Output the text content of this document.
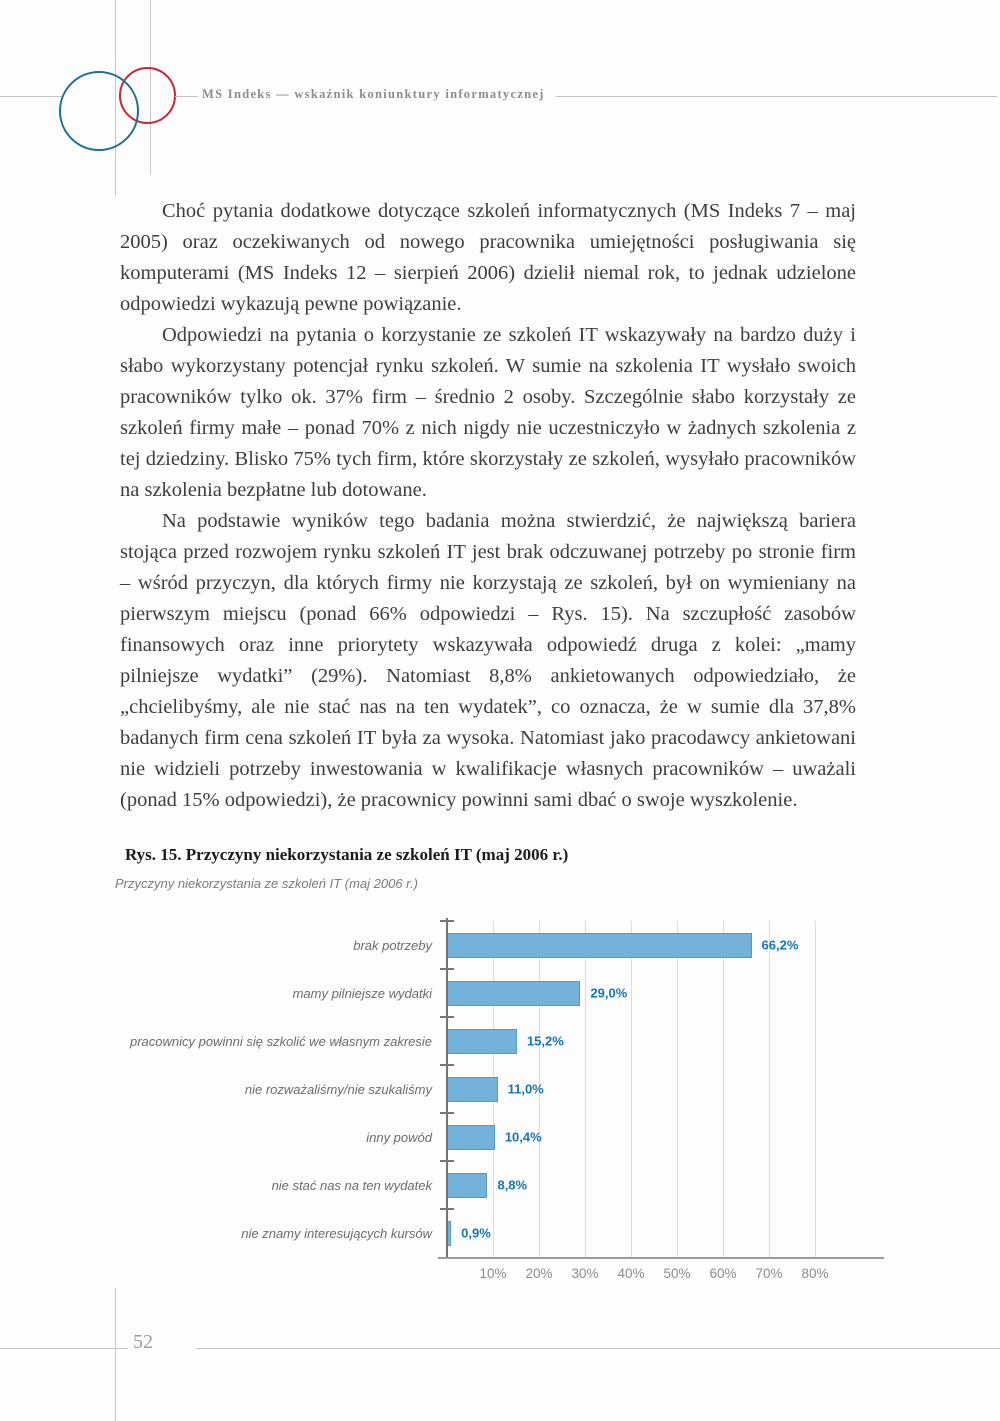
MS Indeks — wskaźnik koniunktury informatycznej

Choć pytania dodatkowe dotyczące szkoleń informatycznych (MS Indeks 7 – maj 2005) oraz oczekiwanych od nowego pracownika umiejętności posługiwania się komputerami (MS Indeks 12 – sierpień 2006) dzielił niemal rok, to jednak udzielone odpowiedzi wykazują pewne powiązanie.

Odpowiedzi na pytania o korzystanie ze szkoleń IT wskazywały na bardzo duży i słabo wykorzystany potencjał rynku szkoleń. W sumie na szkolenia IT wysłało swoich pracowników tylko ok. 37% firm – średnio 2 osoby. Szczególnie słabo korzystały ze szkoleń firmy małe – ponad 70% z nich nigdy nie uczestniczyło w żadnych szkolenia z tej dziedziny. Blisko 75% tych firm, które skorzystały ze szkoleń, wysyłało pracowników na szkolenia bezpłatne lub dotowane.

Na podstawie wyników tego badania można stwierdzić, że największą bariera stojąca przed rozwojem rynku szkoleń IT jest brak odczuwanej potrzeby po stronie firm – wśród przyczyn, dla których firmy nie korzystają ze szkoleń, był on wymieniany na pierwszym miejscu (ponad 66% odpowiedzi – Rys. 15). Na szczupłość zasobów finansowych oraz inne priorytety wskazywała odpowiedź druga z kolei: „mamy pilniejsze wydatki” (29%). Natomiast 8,8% ankietowanych odpowiedziało, że „chcielibyśmy, ale nie stać nas na ten wydatek”, co oznacza, że w sumie dla 37,8% badanych firm cena szkoleń IT była za wysoka. Natomiast jako pracodawcy ankietowani nie widzieli potrzeby inwestowania w kwalifikacje własnych pracowników – uważali (ponad 15% odpowiedzi), że pracownicy powinni sami dbać o swoje wyszkolenie.

Rys. 15. Przyczyny niekorzystania ze szkoleń IT (maj 2006 r.)
Przyczyny niekorzystania ze szkoleń IT (maj 2006 r.)
brak potrzeby	66,2%
mamy pilniejsze wydatki	29,0%
pracownicy powinni się szkolić we własnym zakresie	15,2%
nie rozważaliśmy/nie szukaliśmy	11,0%
inny powód	10,4%
nie stać nas na ten wydatek	8,8%
nie znamy interesujących kursów	0,9%
10% 20% 30% 40% 50% 60% 70% 80%
52
